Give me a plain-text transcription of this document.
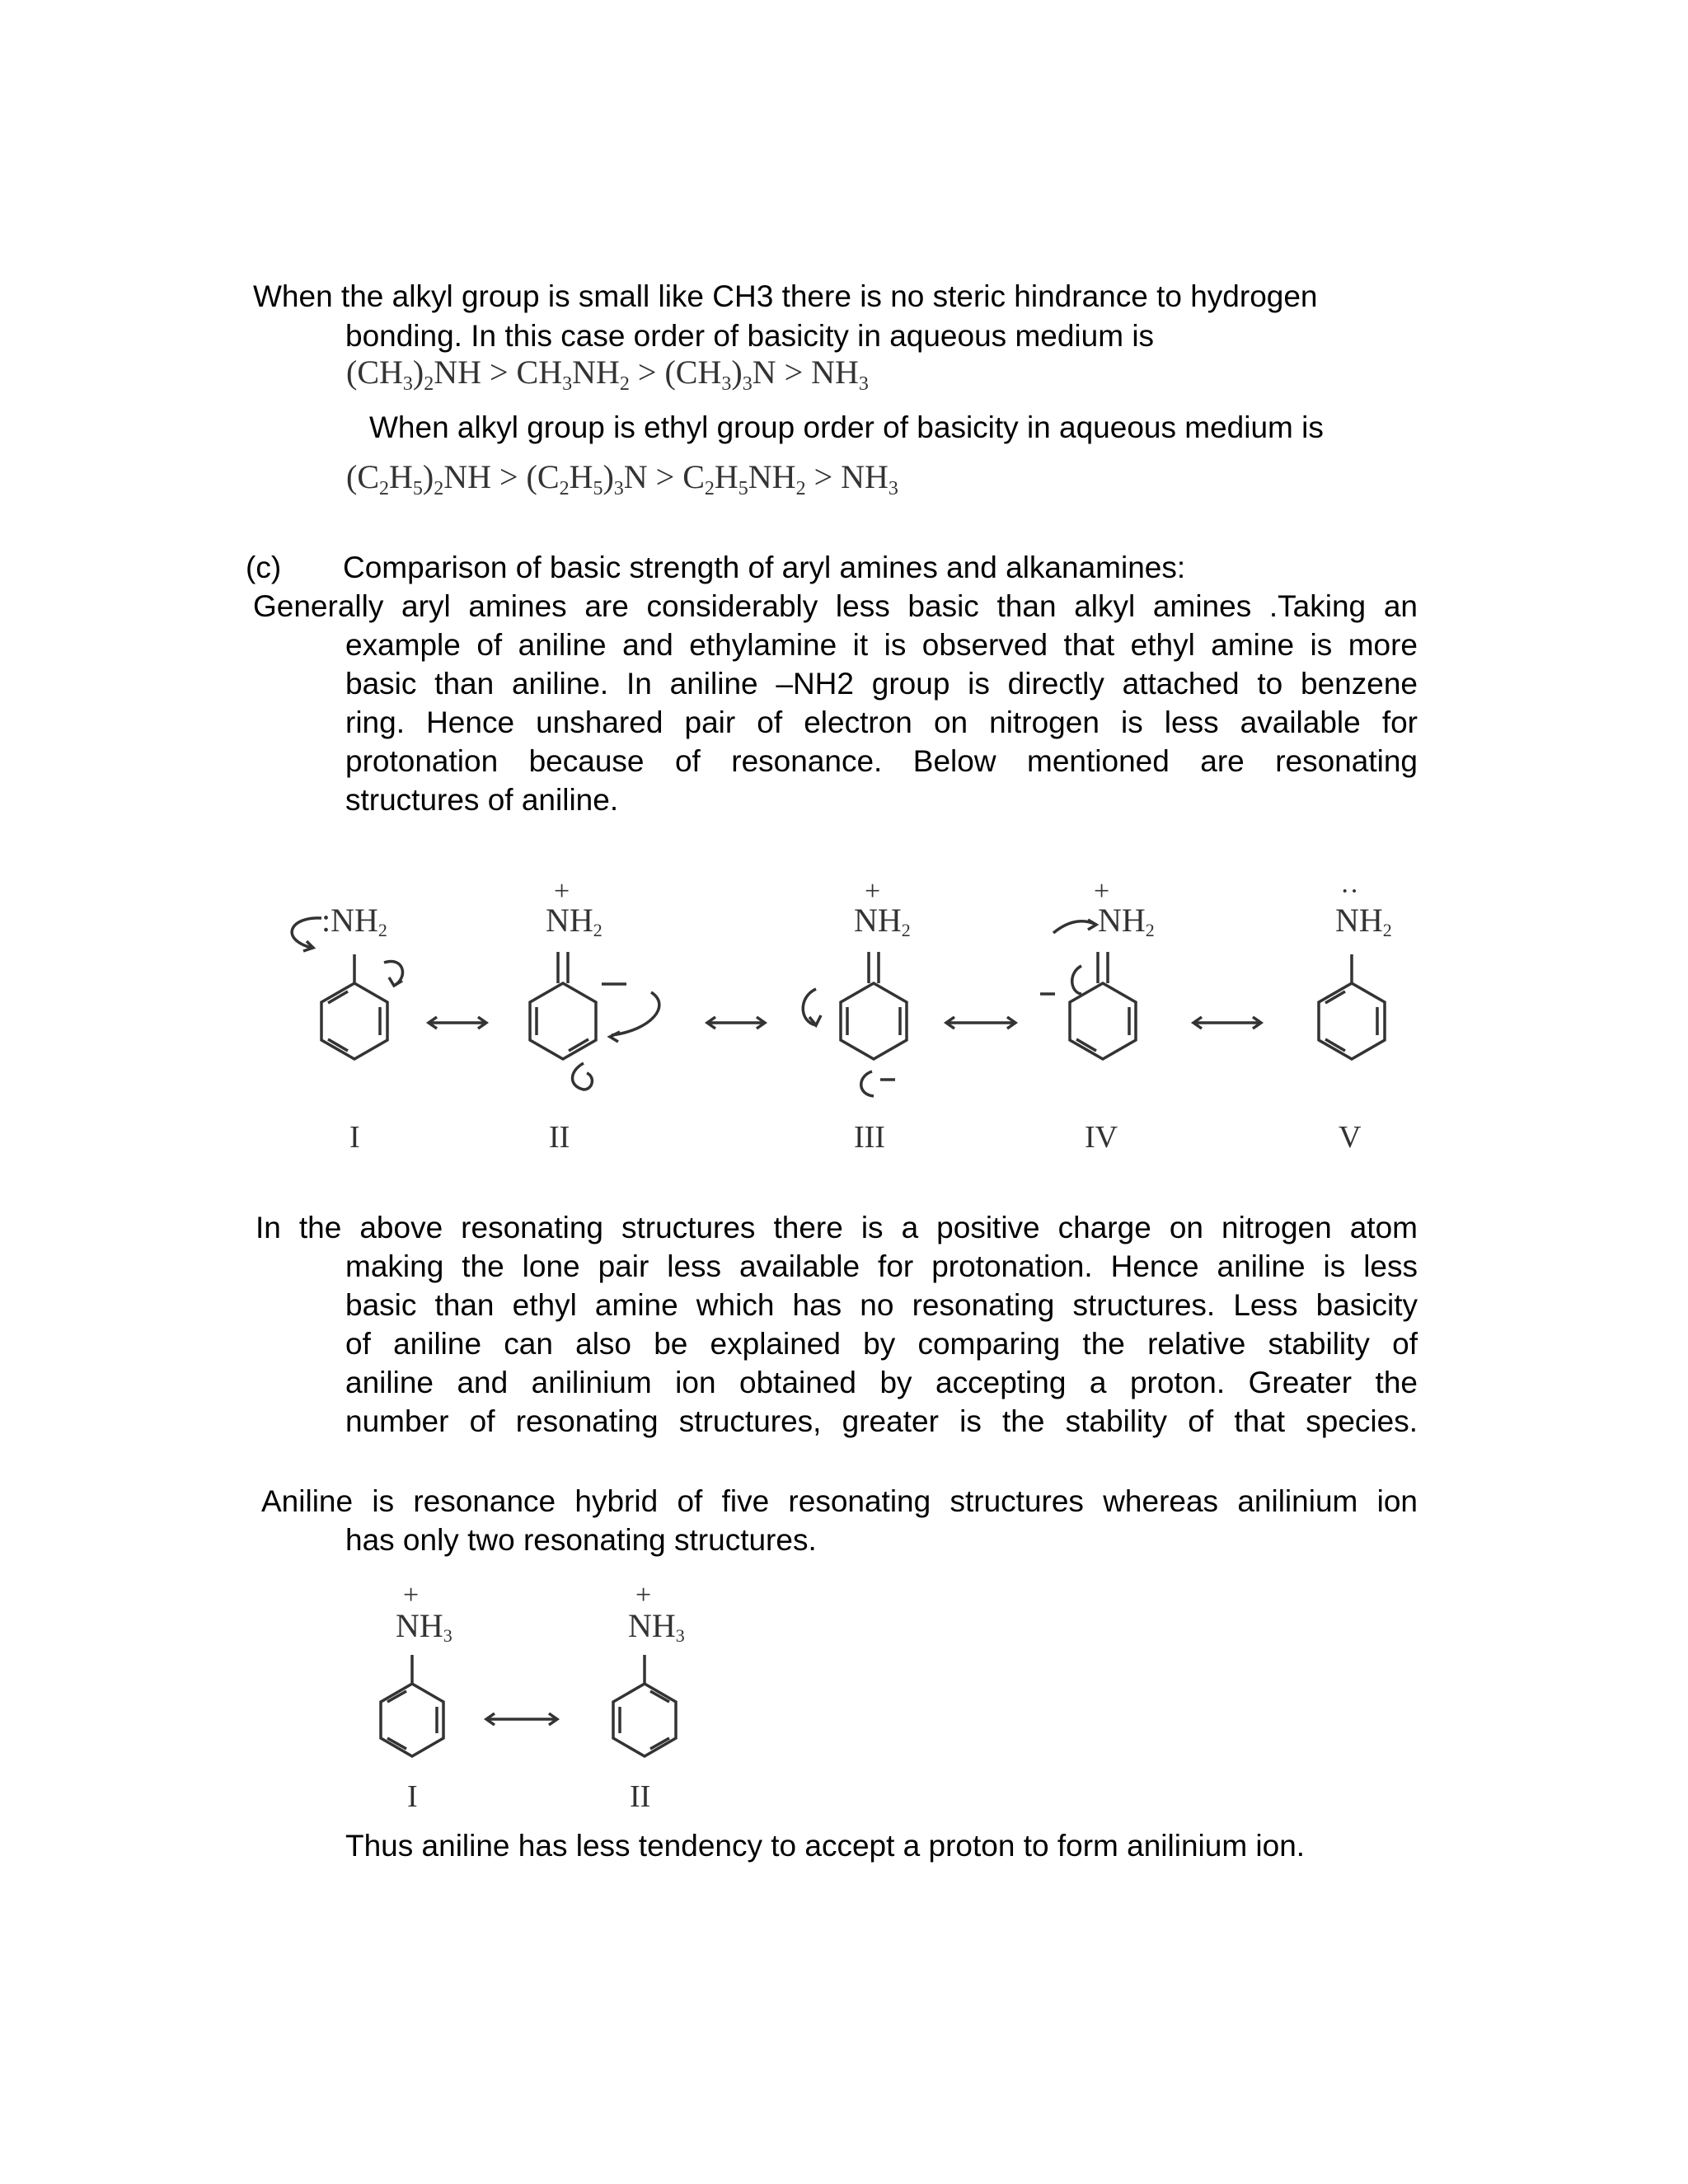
When the alkyl group is small like CH3 there is no steric hindrance to hydrogen
bonding. In this case order of basicity in aqueous medium is
$(CH_3)_2NH > CH_3NH_2 > (CH_3)_3N > NH_3$
When alkyl group is ethyl group order of basicity in aqueous medium is
$(C_2H_5)_2NH > (C_2H_5)_3N > C_2H_5NH_2 > NH_3$
(c) Comparison of basic strength of aryl amines and alkanamines:
Generally aryl amines are considerably less basic than alkyl amines .Taking an
example of aniline and ethylamine it is observed that ethyl amine is more
basic than aniline. In aniline –NH2 group is directly attached to benzene
ring. Hence unshared pair of electron on nitrogen is less available for
protonation because of resonance. Below mentioned are resonating
structures of aniline.
:NH2
+
NH2
+
NH2
+
NH2
··
NH2
I	II	III	IV	V
In the above resonating structures there is a positive charge on nitrogen atom
making the lone pair less available for protonation. Hence aniline is less
basic than ethyl amine which has no resonating structures. Less basicity
of aniline can also be explained by comparing the relative stability of
aniline and anilinium ion obtained by accepting a proton. Greater the
number of resonating structures, greater is the stability of that species.
Aniline is resonance hybrid of five resonating structures whereas anilinium ion
has only two resonating structures.
+
NH3
+
NH3
I	II
Thus aniline has less tendency to accept a proton to form anilinium ion.
